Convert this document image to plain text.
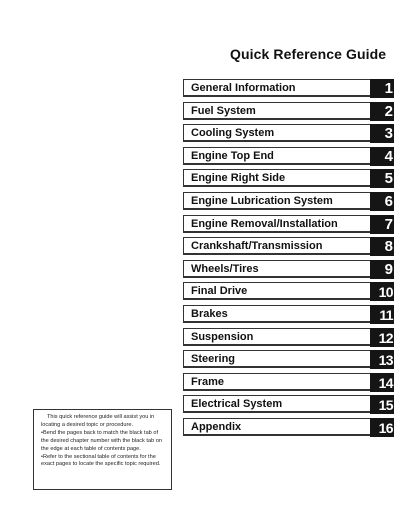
Quick Reference Guide
General Information	1
Fuel System	2
Cooling System	3
Engine Top End	4
Engine Right Side	5
Engine Lubrication System	6
Engine Removal/Installation	7
Crankshaft/Transmission	8
Wheels/Tires	9
Final Drive	10
Brakes	11
Suspension	12
Steering	13
Frame	14
Electrical System	15
Appendix	16

This quick reference guide will assist you in locating a desired topic or procedure.

•Bend the pages back to match the black tab of the desired chapter number with the black tab on the edge at each table of contents page.

•Refer to the sectional table of contents for the exact pages to locate the specific topic required.
